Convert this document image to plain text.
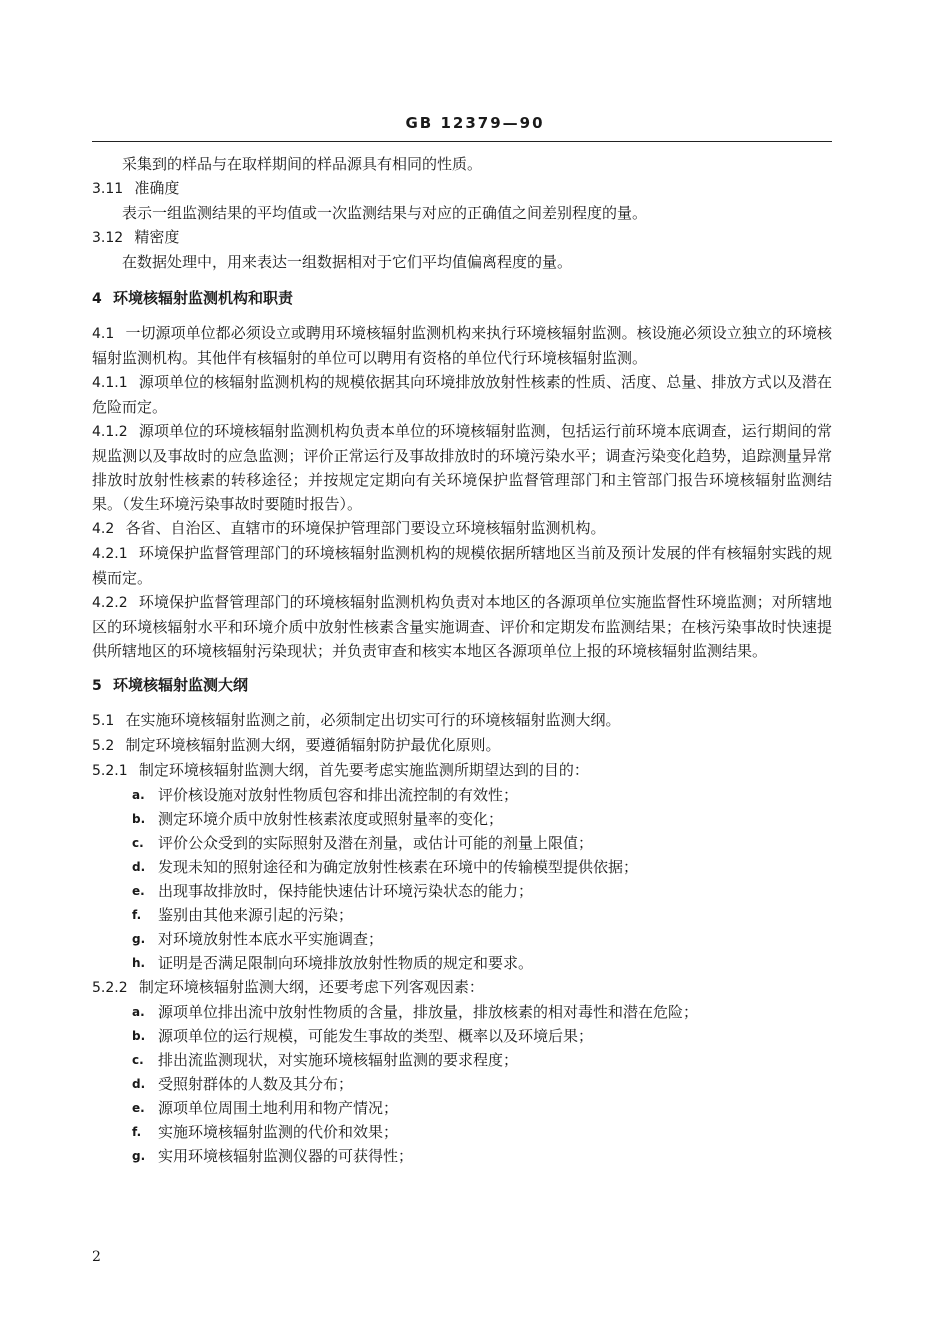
GB 12379—90

采集到的样品与在取样期间的样品源具有相同的性质。

3.11 准确度

表示一组监测结果的平均值或一次监测结果与对应的正确值之间差别程度的量。

3.12 精密度

在数据处理中，用来表达一组数据相对于它们平均值偏离程度的量。

4 环境核辐射监测机构和职责

4.1 一切源项单位都必须设立或聘用环境核辐射监测机构来执行环境核辐射监测。核设施必须设立独立的环境核辐射监测机构。其他伴有核辐射的单位可以聘用有资格的单位代行环境核辐射监测。

4.1.1 源项单位的核辐射监测机构的规模依据其向环境排放放射性核素的性质、活度、总量、排放方式以及潜在危险而定。

4.1.2 源项单位的环境核辐射监测机构负责本单位的环境核辐射监测，包括运行前环境本底调查，运行期间的常规监测以及事故时的应急监测；评价正常运行及事故排放时的环境污染水平；调查污染变化趋势，追踪测量异常排放时放射性核素的转移途径；并按规定定期向有关环境保护监督管理部门和主管部门报告环境核辐射监测结果。（发生环境污染事故时要随时报告）。

4.2 各省、自治区、直辖市的环境保护管理部门要设立环境核辐射监测机构。

4.2.1 环境保护监督管理部门的环境核辐射监测机构的规模依据所辖地区当前及预计发展的伴有核辐射实践的规模而定。

4.2.2 环境保护监督管理部门的环境核辐射监测机构负责对本地区的各源项单位实施监督性环境监测；对所辖地区的环境核辐射水平和环境介质中放射性核素含量实施调查、评价和定期发布监测结果；在核污染事故时快速提供所辖地区的环境核辐射污染现状；并负责审查和核实本地区各源项单位上报的环境核辐射监测结果。

5 环境核辐射监测大纲

5.1 在实施环境核辐射监测之前，必须制定出切实可行的环境核辐射监测大纲。

5.2 制定环境核辐射监测大纲，要遵循辐射防护最优化原则。

5.2.1 制定环境核辐射监测大纲，首先要考虑实施监测所期望达到的目的：

a. 评价核设施对放射性物质包容和排出流控制的有效性；

b. 测定环境介质中放射性核素浓度或照射量率的变化；

c. 评价公众受到的实际照射及潜在剂量，或估计可能的剂量上限值；

d. 发现未知的照射途径和为确定放射性核素在环境中的传输模型提供依据；

e. 出现事故排放时，保持能快速估计环境污染状态的能力；

f. 鉴别由其他来源引起的污染；

g. 对环境放射性本底水平实施调查；

h. 证明是否满足限制向环境排放放射性物质的规定和要求。

5.2.2 制定环境核辐射监测大纲，还要考虑下列客观因素：

a. 源项单位排出流中放射性物质的含量，排放量，排放核素的相对毒性和潜在危险；

b. 源项单位的运行规模，可能发生事故的类型、概率以及环境后果；

c. 排出流监测现状，对实施环境核辐射监测的要求程度；

d. 受照射群体的人数及其分布；

e. 源项单位周围土地利用和物产情况；

f. 实施环境核辐射监测的代价和效果；

g. 实用环境核辐射监测仪器的可获得性；

2
